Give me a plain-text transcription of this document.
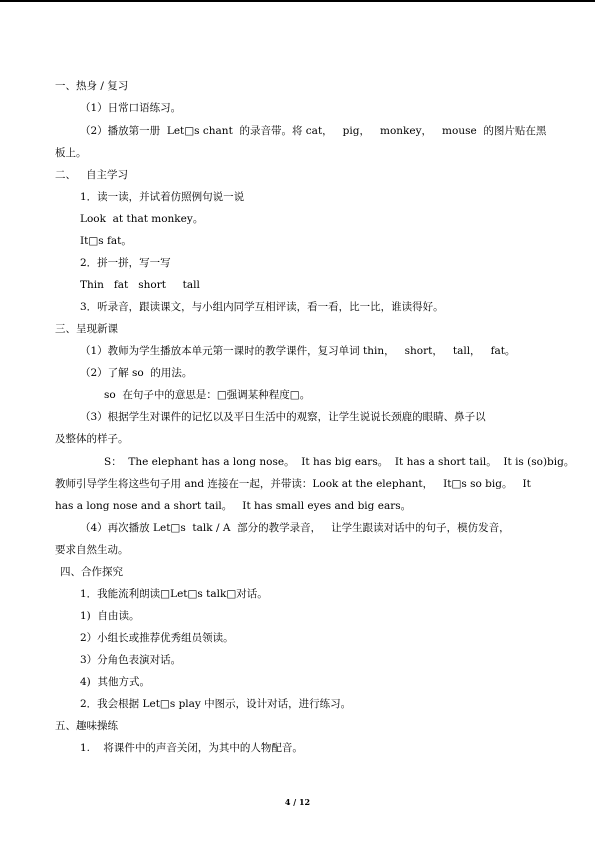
一、热身 / 复习
（1）日常口语练习。
（2）播放第一册  Let□s chant  的录音带。将 cat，   pig，   monkey，   mouse  的图片贴在黑
板上。
二、   自主学习
1．读一读，并试着仿照例句说一说
Look  at that monkey。
It□s fat。
2．拼一拼，写一写
Thin   fat   short     tall
3．听录音，跟读课文，与小组内同学互相评读，看一看，比一比，谁读得好。
三、呈现新课
（1）教师为学生播放本单元第一课时的教学课件，复习单词 thin，   short，   tall，   fat。
（2）了解 so  的用法。
so  在句子中的意思是：□强调某种程度□。
（3）根据学生对课件的记忆以及平日生活中的观察，让学生说说长颈鹿的眼睛、鼻子以
及整体的样子。
S：  The elephant has a long nose。  It has big ears。  It has a short tail。  It is (so)big。
教师引导学生将这些句子用 and 连接在一起，并带读：Look at the elephant，   It□s so big。   It
has a long nose and a short tail。   It has small eyes and big ears。
（4）再次播放 Let□s  talk / A  部分的教学录音，   让学生跟读对话中的句子，模仿发音，
要求自然生动。
四、合作探究
1．我能流利朗读□Let□s talk□对话。
1)  自由读。
2）小组长或推荐优秀组员领读。
3）分角色表演对话。
4)  其他方式。
2．我会根据 Let□s play 中图示，设计对话，进行练习。
五、趣味操练
1.    将课件中的声音关闭，为其中的人物配音。
4 / 12
